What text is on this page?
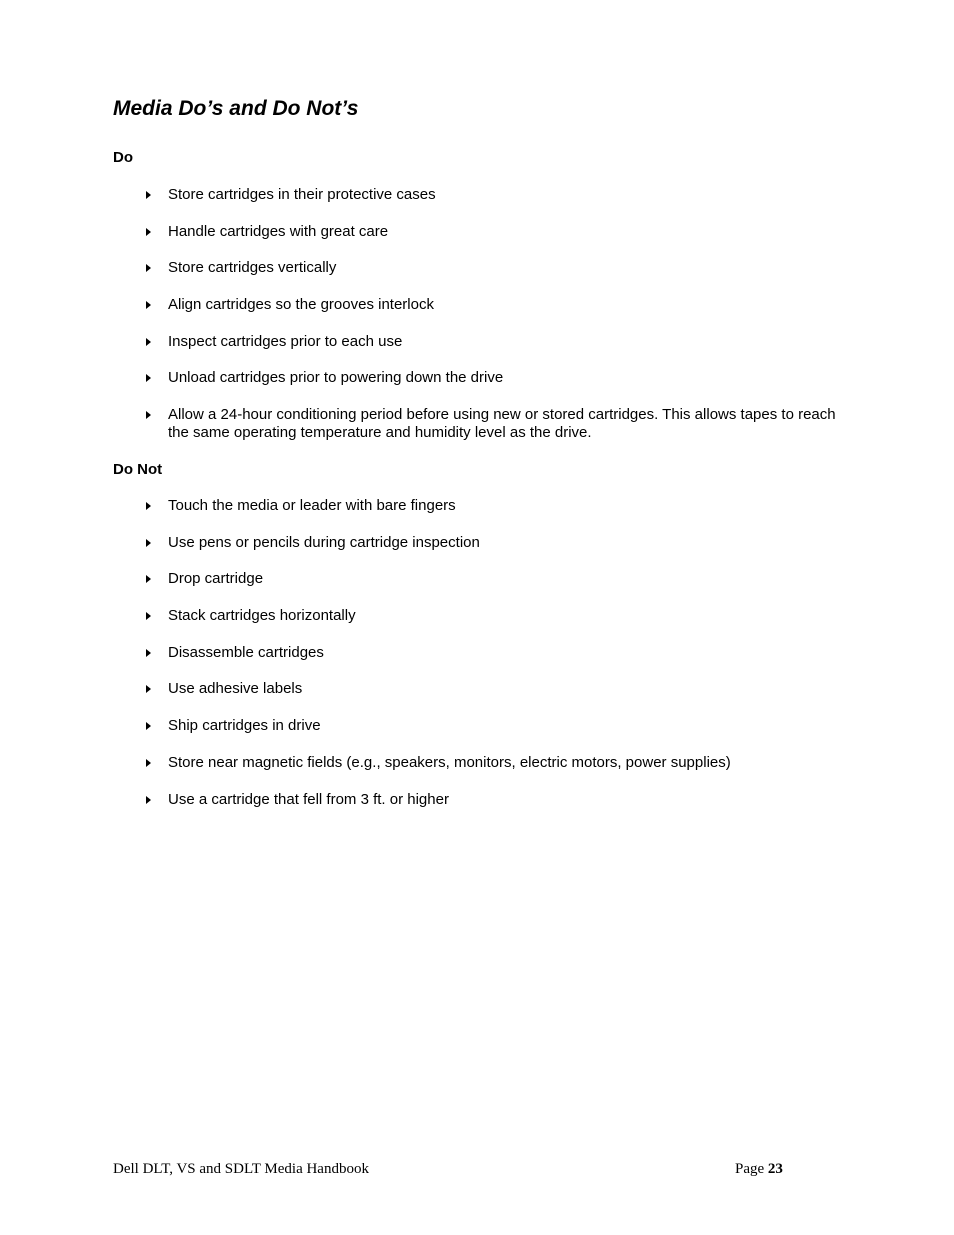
Media Do’s and Do Not’s
Do
Store cartridges in their protective cases
Handle cartridges with great care
Store cartridges vertically
Align cartridges so the grooves interlock
Inspect cartridges prior to each use
Unload cartridges prior to powering down the drive
Allow a 24-hour conditioning period before using new or stored cartridges. This allows tapes to reach the same operating temperature and humidity level as the drive.
Do Not
Touch the media or leader with bare fingers
Use pens or pencils during cartridge inspection
Drop cartridge
Stack cartridges horizontally
Disassemble cartridges
Use adhesive labels
Ship cartridges in drive
Store near magnetic fields (e.g., speakers, monitors, electric motors, power supplies)
Use a cartridge that fell from 3 ft. or higher
Dell DLT, VS and SDLT Media Handbook	Page 23
